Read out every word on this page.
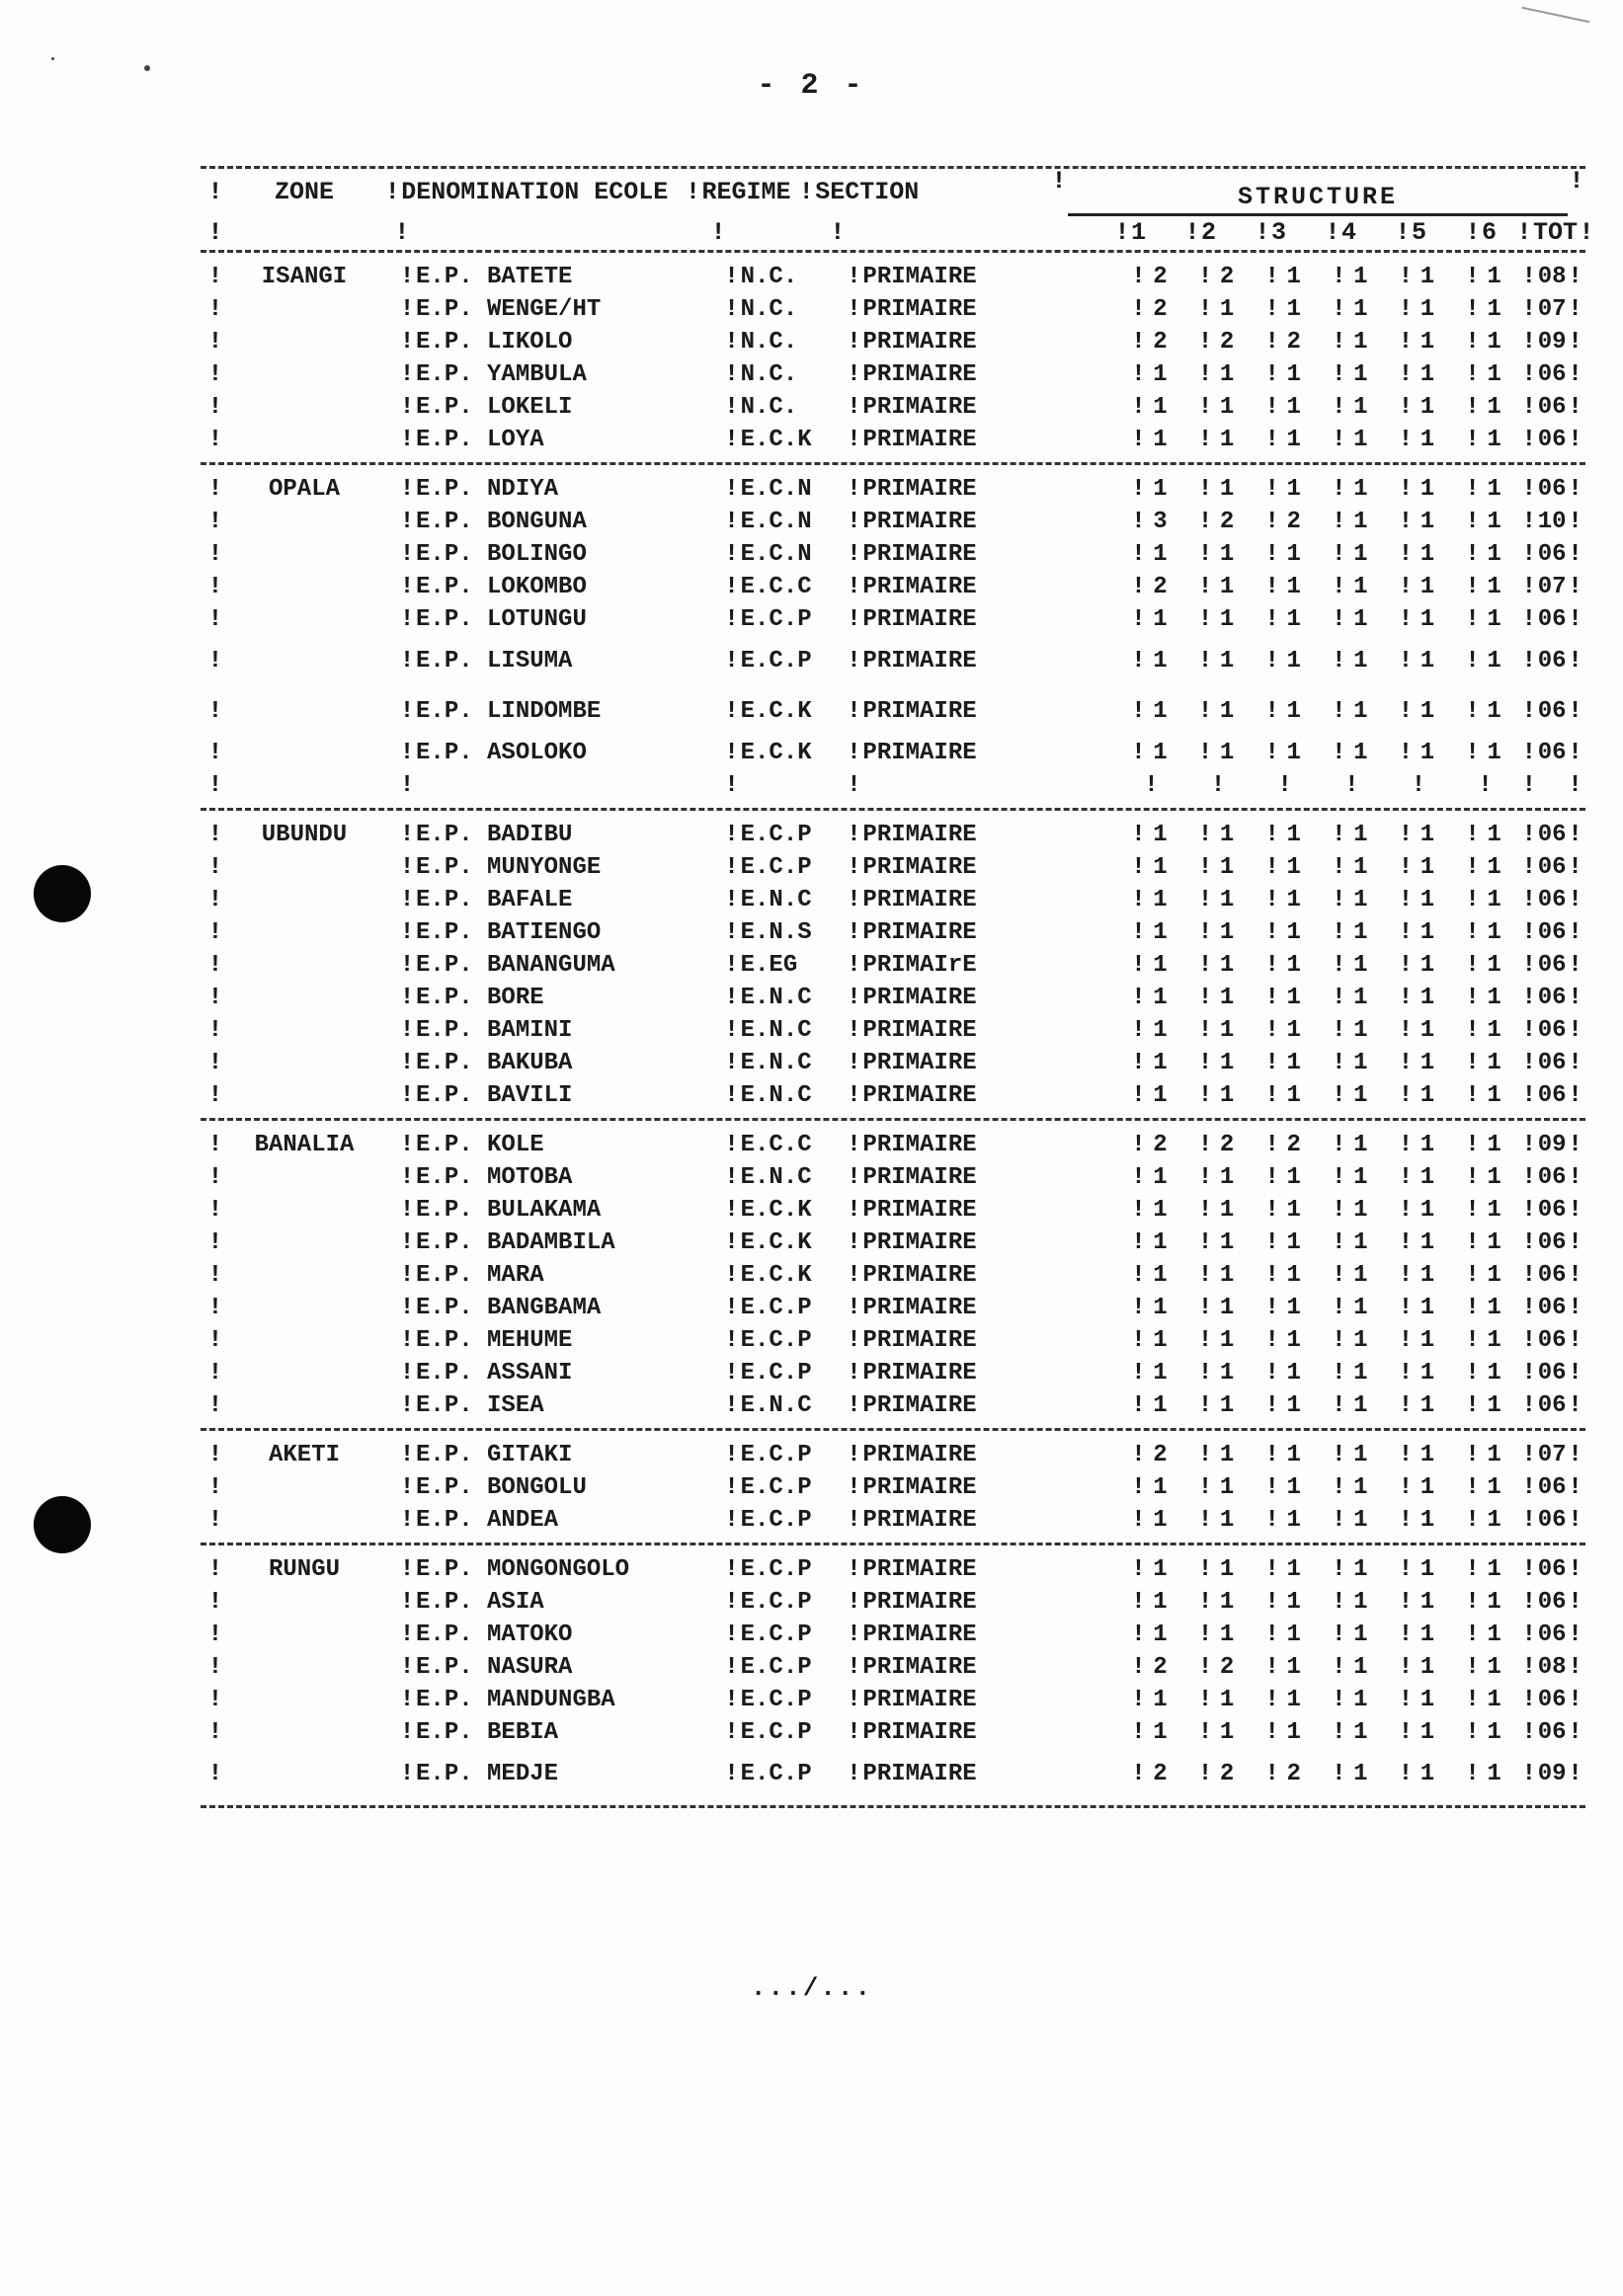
- 2 -
! ZONE	!DENOMINATION ECOLE !REGIME !SECTION	!
STRUCTURE
!
!	!	!	!	!1	!2	!3	!4	!5	!6 !TOT!
! ISANGI	!E.P. BATETE	!N.C.	!PRIMAIRE	! 2	! 2	! 1	! 1	! 1	! 1 !08!
!	!E.P. WENGE/HT	!N.C.	!PRIMAIRE	! 2	! 1	! 1	! 1	! 1	! 1 !07!
!	!E.P. LIKOLO	!N.C.	!PRIMAIRE	! 2	! 2	! 2	! 1	! 1	! 1 !09!
!	!E.P. YAMBULA	!N.C.	!PRIMAIRE	! 1	! 1	! 1	! 1	! 1	! 1 !06!
!	!E.P. LOKELI	!N.C.	!PRIMAIRE	! 1	! 1	! 1	! 1	! 1	! 1 !06!
!	!E.P. LOYA	!E.C.K	!PRIMAIRE	! 1	! 1	! 1	! 1	! 1	! 1 !06!
! OPALA	!E.P. NDIYA	!E.C.N	!PRIMAIRE	! 1	! 1	! 1	! 1	! 1	! 1 !06!
!	!E.P. BONGUNA	!E.C.N	!PRIMAIRE	! 3	! 2	! 2	! 1	! 1	! 1 !10!
!	!E.P. BOLINGO	!E.C.N	!PRIMAIRE	! 1	! 1	! 1	! 1	! 1	! 1 !06!
!	!E.P. LOKOMBO	!E.C.C	!PRIMAIRE	! 2	! 1	! 1	! 1	! 1	! 1 !07!
!	!E.P. LOTUNGU	!E.C.P	!PRIMAIRE	! 1	! 1	! 1	! 1	! 1	! 1 !06!
!	!E.P. LISUMA	!E.C.P	!PRIMAIRE	! 1	! 1	! 1	! 1	! 1	! 1 !06!
!	!E.P. LINDOMBE	!E.C.K	!PRIMAIRE	! 1	! 1	! 1	! 1	! 1	! 1 !06!
!	!E.P. ASOLOKO	!E.C.K	!PRIMAIRE	! 1	! 1	! 1	! 1	! 1	! 1 !06!
!	!	!	!	!	!	!	!	!	!	! !
! UBUNDU	!E.P. BADIBU	!E.C.P	!PRIMAIRE	! 1	! 1	! 1	! 1	! 1	! 1 !06!
!	!E.P. MUNYONGE	!E.C.P	!PRIMAIRE	! 1	! 1	! 1	! 1	! 1	! 1 !06!
!	!E.P. BAFALE	!E.N.C	!PRIMAIRE	! 1	! 1	! 1	! 1	! 1	! 1 !06!
!	!E.P. BATIENGO	!E.N.S	!PRIMAIRE	! 1	! 1	! 1	! 1	! 1	! 1 !06!
!	!E.P. BANANGUMA	!E.EG	!PRIMAIrE	! 1	! 1	! 1	! 1	! 1	! 1 !06!
!	!E.P. BORE	!E.N.C	!PRIMAIRE	! 1	! 1	! 1	! 1	! 1	! 1 !06!
!	!E.P. BAMINI	!E.N.C	!PRIMAIRE	! 1	! 1	! 1	! 1	! 1	! 1 !06!
!	!E.P. BAKUBA	!E.N.C	!PRIMAIRE	! 1	! 1	! 1	! 1	! 1	! 1 !06!
!	!E.P. BAVILI	!E.N.C	!PRIMAIRE	! 1	! 1	! 1	! 1	! 1	! 1 !06!
! BANALIA	!E.P. KOLE	!E.C.C	!PRIMAIRE	! 2	! 2	! 2	! 1	! 1	! 1 !09!
!	!E.P. MOTOBA	!E.N.C	!PRIMAIRE	! 1	! 1	! 1	! 1	! 1	! 1 !06!
!	!E.P. BULAKAMA	!E.C.K	!PRIMAIRE	! 1	! 1	! 1	! 1	! 1	! 1 !06!
!	!E.P. BADAMBILA	!E.C.K	!PRIMAIRE	! 1	! 1	! 1	! 1	! 1	! 1 !06!
!	!E.P. MARA	!E.C.K	!PRIMAIRE	! 1	! 1	! 1	! 1	! 1	! 1 !06!
!	!E.P. BANGBAMA	!E.C.P	!PRIMAIRE	! 1	! 1	! 1	! 1	! 1	! 1 !06!
!	!E.P. MEHUME	!E.C.P	!PRIMAIRE	! 1	! 1	! 1	! 1	! 1	! 1 !06!
!	!E.P. ASSANI	!E.C.P	!PRIMAIRE	! 1	! 1	! 1	! 1	! 1	! 1 !06!
!	!E.P. ISEA	!E.N.C	!PRIMAIRE	! 1	! 1	! 1	! 1	! 1	! 1 !06!
! AKETI	!E.P. GITAKI	!E.C.P	!PRIMAIRE	! 2	! 1	! 1	! 1	! 1	! 1 !07!
!	!E.P. BONGOLU	!E.C.P	!PRIMAIRE	! 1	! 1	! 1	! 1	! 1	! 1 !06!
!	!E.P. ANDEA	!E.C.P	!PRIMAIRE	! 1	! 1	! 1	! 1	! 1	! 1 !06!
! RUNGU	!E.P. MONGONGOLO	!E.C.P	!PRIMAIRE	! 1	! 1	! 1	! 1	! 1	! 1 !06!
!	!E.P. ASIA	!E.C.P	!PRIMAIRE	! 1	! 1	! 1	! 1	! 1	! 1 !06!
!	!E.P. MATOKO	!E.C.P	!PRIMAIRE	! 1	! 1	! 1	! 1	! 1	! 1 !06!
!	!E.P. NASURA	!E.C.P	!PRIMAIRE	! 2	! 2	! 1	! 1	! 1	! 1 !08!
!	!E.P. MANDUNGBA	!E.C.P	!PRIMAIRE	! 1	! 1	! 1	! 1	! 1	! 1 !06!
!	!E.P. BEBIA	!E.C.P	!PRIMAIRE	! 1	! 1	! 1	! 1	! 1	! 1 !06!
!	!E.P. MEDJE	!E.C.P	!PRIMAIRE	! 2	! 2	! 2	! 1	! 1	! 1 !09!
.../...
